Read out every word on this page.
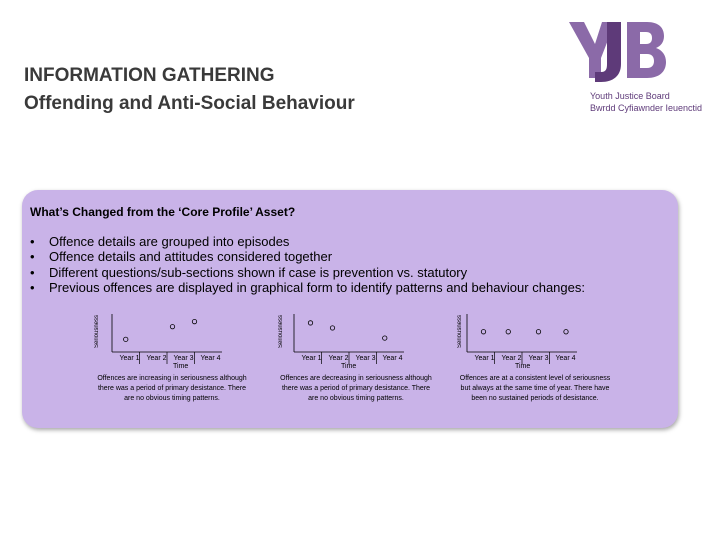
INFORMATION GATHERING
Offending and Anti-Social Behaviour	Youth Justice Board
Bwrdd Cyfiawnder Ieuenctid
What’s Changed from the ‘Core Profile’ Asset?
• Offence details are grouped into episodes
• Offence details and attitudes considered together
• Different questions/sub-sections shown if case is prevention vs. statutory
• Previous offences are displayed in graphical form to identify patterns and behaviour changes:
Seriousness
Year 1 Year 2 Year 3 Year 4
Time
Offences are increasing in seriousness although there was a period of primary desistance. There are no obvious timing patterns.
Seriousness
Year 1 Year 2 Year 3 Year 4
Time
Offences are decreasing in seriousness although there was a period of primary desistance. There are no obvious timing patterns.
Seriousness
Year 1 Year 2 Year 3 Year 4
Time
Offences are at a consistent level of seriousness but always at the same time of year. There have been no sustained periods of desistance.
